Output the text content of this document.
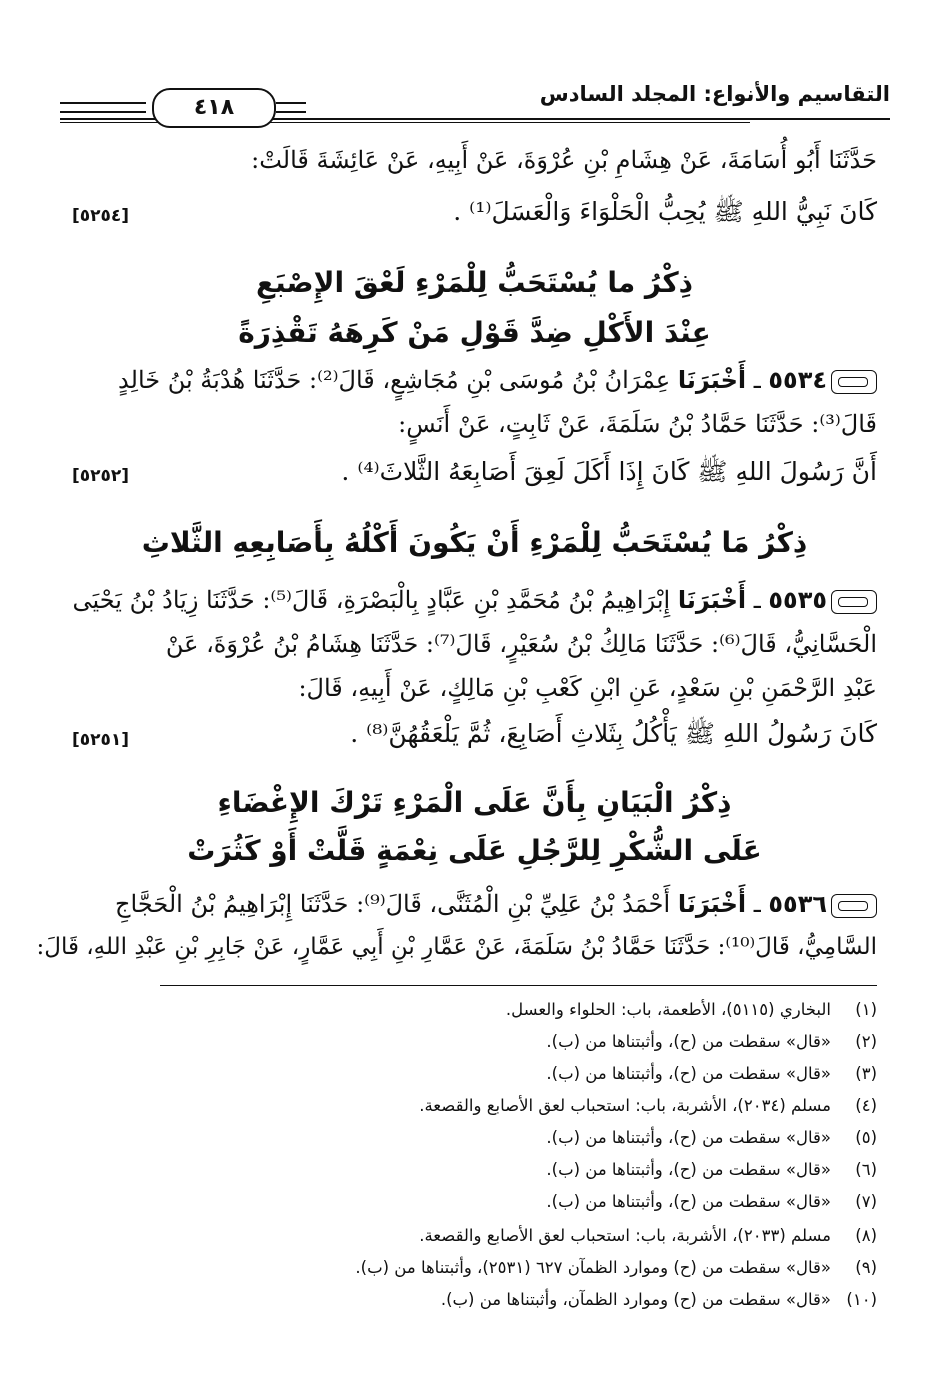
التقاسيم والأنواع: المجلد السادس
٤١٨
حَدَّثَنَا أَبُو أُسَامَةَ، عَنْ هِشَامِ بْنِ عُرْوَةَ، عَنْ أَبِيهِ، عَنْ عَائِشَةَ قَالَتْ:
كَانَ نَبِيُّ اللهِ ﷺ يُحِبُّ الْحَلْوَاءَ وَالْعَسَلَ⁽¹⁾ .
[٥٢٥٤]
ذِكْرُ ما يُسْتَحَبُّ لِلْمَرْءِ لَعْقَ الإِصْبَعِ
عِنْدَ الأَكْلِ ضِدَّ قَوْلِ مَنْ كَرِهَهُ تَقْذِرَةً
٥٥٣٤ ـ أَخْبَرَنَا عِمْرَانُ بْنُ مُوسَى بْنِ مُجَاشِعٍ، قَالَ⁽²⁾: حَدَّثَنَا هُدْبَةُ بْنُ خَالِدٍ
قَالَ⁽³⁾: حَدَّثَنَا حَمَّادُ بْنُ سَلَمَةَ، عَنْ ثَابِتٍ، عَنْ أَنَسٍ:
أَنَّ رَسُولَ اللهِ ﷺ كَانَ إِذَا أَكَلَ لَعِقَ أَصَابِعَهُ الثَّلاثَ⁽⁴⁾ .
[٥٢٥٢]
ذِكْرُ مَا يُسْتَحَبُّ لِلْمَرْءِ أَنْ يَكُونَ أَكْلُهُ بِأَصَابِعِهِ الثَّلاثِ
٥٥٣٥ ـ أَخْبَرَنَا إِبْرَاهِيمُ بْنُ مُحَمَّدِ بْنِ عَبَّادٍ بِالْبَصْرَةِ، قَالَ⁽⁵⁾: حَدَّثَنَا زِيَادُ بْنُ يَحْيَى
الْحَسَّانِيُّ، قَالَ⁽⁶⁾: حَدَّثَنَا مَالِكُ بْنُ سُعَيْرٍ، قَالَ⁽⁷⁾: حَدَّثَنَا هِشَامُ بْنُ عُرْوَةَ، عَنْ
عَبْدِ الرَّحْمَنِ بْنِ سَعْدٍ، عَنِ ابْنِ كَعْبِ بْنِ مَالِكٍ، عَنْ أَبِيهِ، قَالَ:
كَانَ رَسُولُ اللهِ ﷺ يَأْكُلُ بِثَلاثِ أَصَابِعَ، ثُمَّ يَلْعَقُهُنَّ⁽⁸⁾ .
[٥٢٥١]
ذِكْرُ الْبَيَانِ بِأَنَّ عَلَى الْمَرْءِ تَرْكَ الإِغْضَاءِ
عَلَى الشُّكْرِ لِلرَّجُلِ عَلَى نِعْمَةٍ قَلَّتْ أَوْ كَثُرَتْ
٥٥٣٦ ـ أَخْبَرَنَا أَحْمَدُ بْنُ عَلِيِّ بْنِ الْمُثَنَّى، قَالَ⁽⁹⁾: حَدَّثَنَا إِبْرَاهِيمُ بْنُ الْحَجَّاجِ
السَّامِيُّ، قَالَ⁽¹⁰⁾: حَدَّثَنَا حَمَّادُ بْنُ سَلَمَةَ، عَنْ عَمَّارِ بْنِ أَبِي عَمَّارٍ، عَنْ جَابِرِ بْنِ عَبْدِ اللهِ، قَالَ:
(١)البخاري (٥١١٥)، الأطعمة، باب: الحلواء والعسل.
(٢)«قال» سقطت من (ح)، وأثبتناها من (ب).
(٣)«قال» سقطت من (ح)، وأثبتناها من (ب).
(٤)مسلم (٢٠٣٤)، الأشربة، باب: استحباب لعق الأصابع والقصعة.
(٥)«قال» سقطت من (ح)، وأثبتناها من (ب).
(٦)«قال» سقطت من (ح)، وأثبتناها من (ب).
(٧)«قال» سقطت من (ح)، وأثبتناها من (ب).
(٨)مسلم (٢٠٣٣)، الأشربة، باب: استحباب لعق الأصابع والقصعة.
(٩)«قال» سقطت من (ح) وموارد الظمآن ٦٢٧ (٢٥٣١)، وأثبتناها من (ب).
(١٠)«قال» سقطت من (ح) وموارد الظمآن، وأثبتناها من (ب).
